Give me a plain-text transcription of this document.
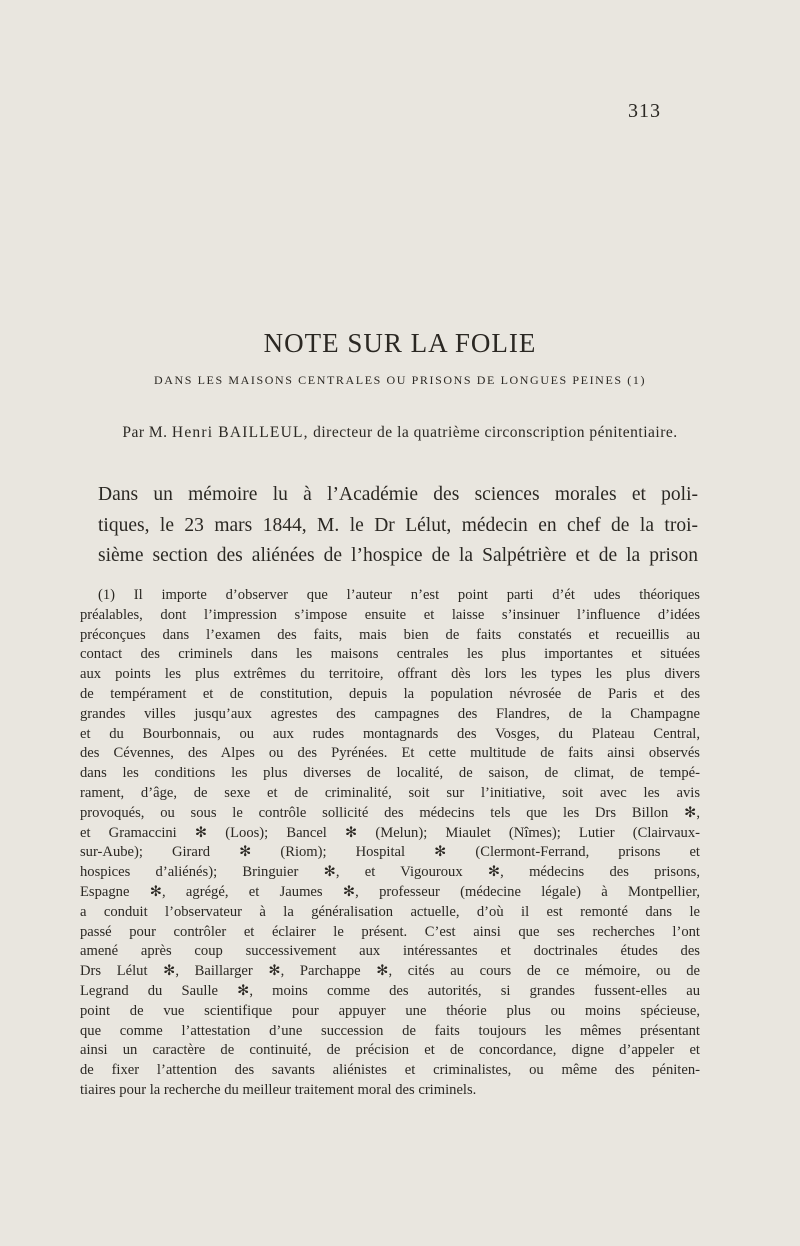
313
NOTE SUR LA FOLIE
DANS LES MAISONS CENTRALES OU PRISONS DE LONGUES PEINES (1)
Par M. Henri BAILLEUL, directeur de la quatrième circonscription pénitentiaire.
Dans un mémoire lu à l’Académie des sciences morales et poli-
tiques, le 23 mars 1844, M. le Dr Lélut, médecin en chef de la troi-
sième section des aliénées de l’hospice de la Salpétrière et de la prison
(1) Il importe d’observer que l’auteur n’est point parti d’ét udes théoriques
préalables, dont l’impression s’impose ensuite et laisse s’insinuer l’influence d’idées
préconçues dans l’examen des faits, mais bien de faits constatés et recueillis au
contact des criminels dans les maisons centrales les plus importantes et situées
aux points les plus extrêmes du territoire, offrant dès lors les types les plus divers
de tempérament et de constitution, depuis la population névrosée de Paris et des
grandes villes jusqu’aux agrestes des campagnes des Flandres, de la Champagne
et du Bourbonnais, ou aux rudes montagnards des Vosges, du Plateau Central,
des Cévennes, des Alpes ou des Pyrénées. Et cette multitude de faits ainsi observés
dans les conditions les plus diverses de localité, de saison, de climat, de tempé-
rament, d’âge, de sexe et de criminalité, soit sur l’initiative, soit avec les avis
provoqués, ou sous le contrôle sollicité des médecins tels que les Drs Billon ✻,
et Gramaccini ✻ (Loos); Bancel ✻ (Melun); Miaulet (Nîmes); Lutier (Clairvaux-
sur-Aube); Girard ✻ (Riom); Hospital ✻ (Clermont-Ferrand, prisons et
hospices d’aliénés); Bringuier ✻, et Vigouroux ✻, médecins des prisons,
Espagne ✻, agrégé, et Jaumes ✻, professeur (médecine légale) à Montpellier,
a conduit l’observateur à la généralisation actuelle, d’où il est remonté dans le
passé pour contrôler et éclairer le présent. C’est ainsi que ses recherches l’ont
amené après coup successivement aux intéressantes et doctrinales études des
Drs Lélut ✻, Baillarger ✻, Parchappe ✻, cités au cours de ce mémoire, ou de
Legrand du Saulle ✻, moins comme des autorités, si grandes fussent-elles au
point de vue scientifique pour appuyer une théorie plus ou moins spécieuse,
que comme l’attestation d’une succession de faits toujours les mêmes présentant
ainsi un caractère de continuité, de précision et de concordance, digne d’appeler et
de fixer l’attention des savants aliénistes et criminalistes, ou même des péniten-
tiaires pour la recherche du meilleur traitement moral des criminels.
